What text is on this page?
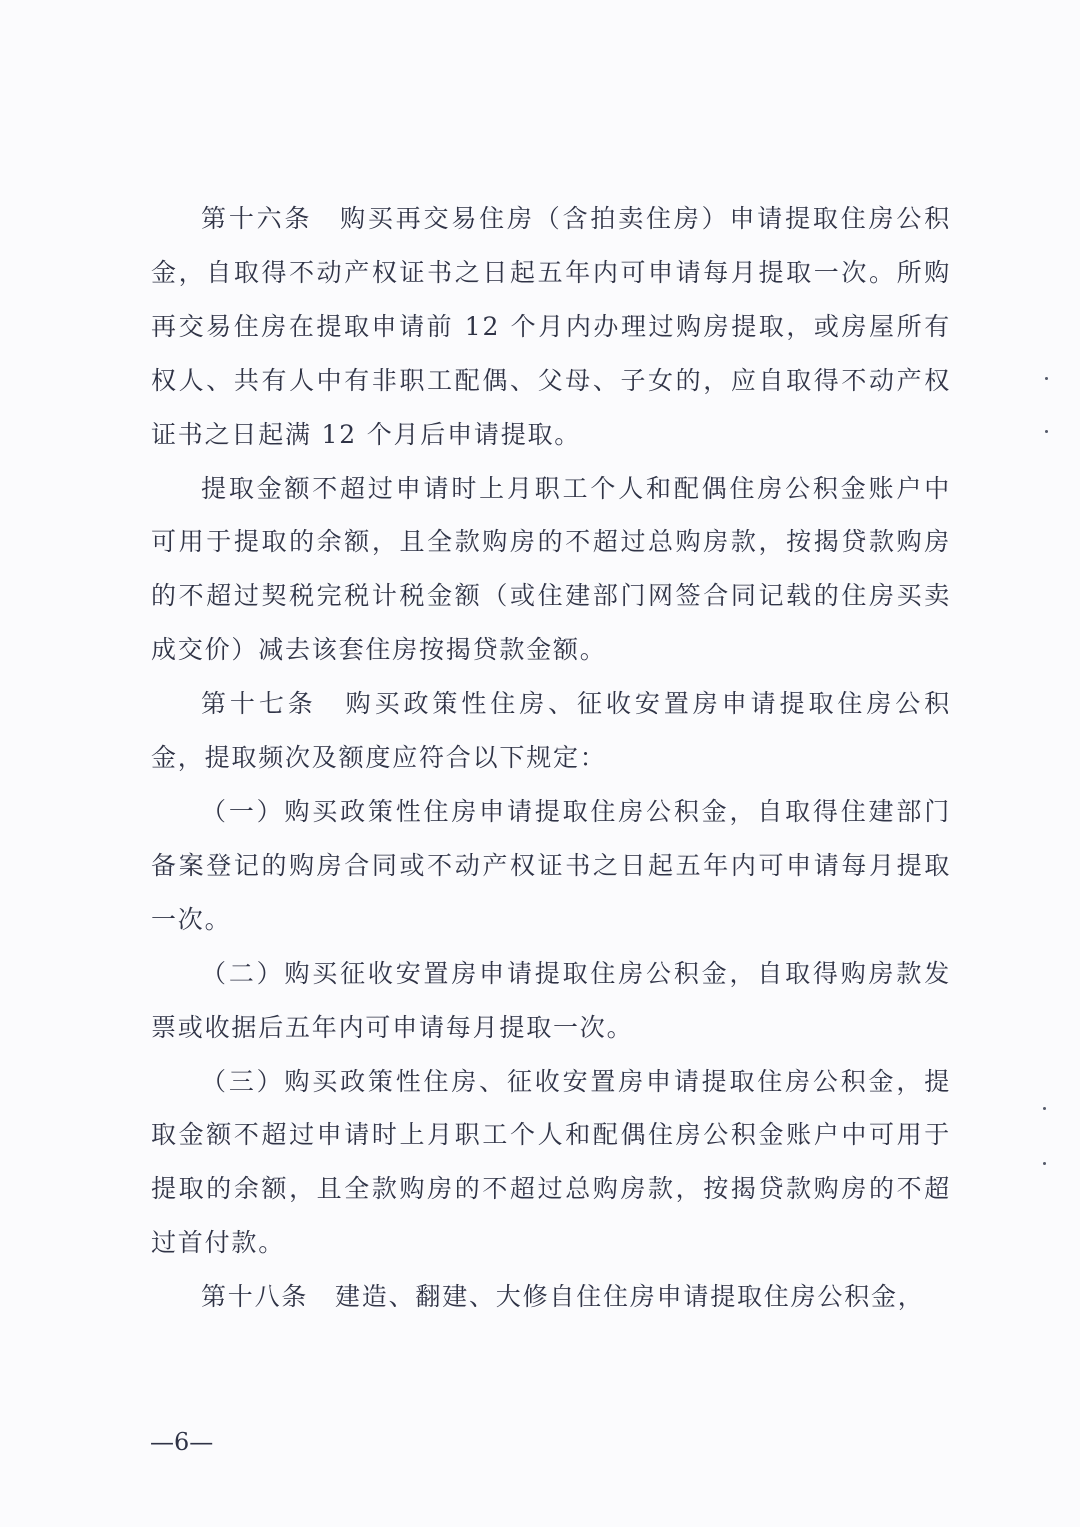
第十六条　购买再交易住房（含拍卖住房）申请提取住房公积金，自取得不动产权证书之日起五年内可申请每月提取一次。所购再交易住房在提取申请前 12 个月内办理过购房提取，或房屋所有权人、共有人中有非职工配偶、父母、子女的，应自取得不动产权证书之日起满 12 个月后申请提取。

提取金额不超过申请时上月职工个人和配偶住房公积金账户中可用于提取的余额，且全款购房的不超过总购房款，按揭贷款购房的不超过契税完税计税金额（或住建部门网签合同记载的住房买卖成交价）减去该套住房按揭贷款金额。

第十七条　购买政策性住房、征收安置房申请提取住房公积金，提取频次及额度应符合以下规定：

（一）购买政策性住房申请提取住房公积金，自取得住建部门备案登记的购房合同或不动产权证书之日起五年内可申请每月提取一次。

（二）购买征收安置房申请提取住房公积金，自取得购房款发票或收据后五年内可申请每月提取一次。

（三）购买政策性住房、征收安置房申请提取住房公积金，提取金额不超过申请时上月职工个人和配偶住房公积金账户中可用于提取的余额，且全款购房的不超过总购房款，按揭贷款购房的不超过首付款。

第十八条　建造、翻建、大修自住住房申请提取住房公积金，

—6—
